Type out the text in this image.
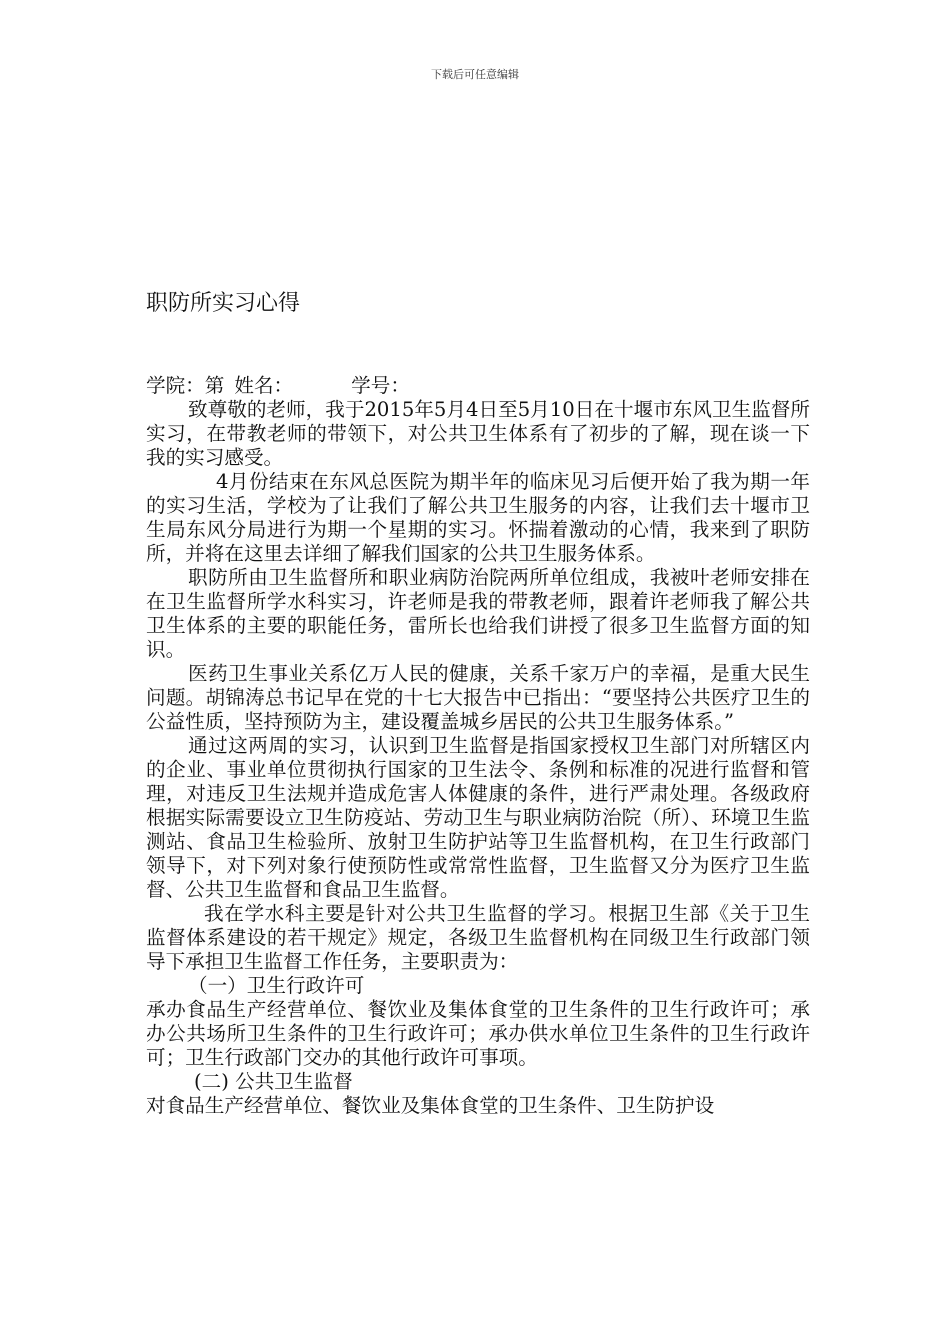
下载后可任意编辑
职防所实习心得

学院：第 姓名：	学号：

致尊敬的老师，我于2015年5月4日至5月10日在十堰市东风卫生监督所实习，在带教老师的带领下，对公共卫生体系有了初步的了解，现在谈一下我的实习感受。

4月份结束在东风总医院为期半年的临床见习后便开始了我为期一年的实习生活，学校为了让我们了解公共卫生服务的内容，让我们去十堰市卫生局东风分局进行为期一个星期的实习。怀揣着激动的心情，我来到了职防所，并将在这里去详细了解我们国家的公共卫生服务体系。

职防所由卫生监督所和职业病防治院两所单位组成，我被叶老师安排在在卫生监督所学水科实习，许老师是我的带教老师，跟着许老师我了解公共卫生体系的主要的职能任务，雷所长也给我们讲授了很多卫生监督方面的知识。

医药卫生事业关系亿万人民的健康，关系千家万户的幸福，是重大民生问题。胡锦涛总书记早在党的十七大报告中已指出：“要坚持公共医疗卫生的公益性质，坚持预防为主，建设覆盖城乡居民的公共卫生服务体系。”

通过这两周的实习，认识到卫生监督是指国家授权卫生部门对所辖区内的企业、事业单位贯彻执行国家的卫生法令、条例和标准的况进行监督和管理，对违反卫生法规并造成危害人体健康的条件，进行严肃处理。各级政府根据实际需要设立卫生防疫站、劳动卫生与职业病防治院（所）、环境卫生监测站、食品卫生检验所、放射卫生防护站等卫生监督机构，在卫生行政部门领导下，对下列对象行使预防性或常常性监督，卫生监督又分为医疗卫生监督、公共卫生监督和食品卫生监督。

我在学水科主要是针对公共卫生监督的学习。根据卫生部《关于卫生监督体系建设的若干规定》规定，各级卫生监督机构在同级卫生行政部门领导下承担卫生监督工作任务，主要职责为：

（一）卫生行政许可

承办食品生产经营单位、餐饮业及集体食堂的卫生条件的卫生行政许可；承办公共场所卫生条件的卫生行政许可；承办供水单位卫生条件的卫生行政许可；卫生行政部门交办的其他行政许可事项。

(二) 公共卫生监督

对食品生产经营单位、餐饮业及集体食堂的卫生条件、卫生防护设
